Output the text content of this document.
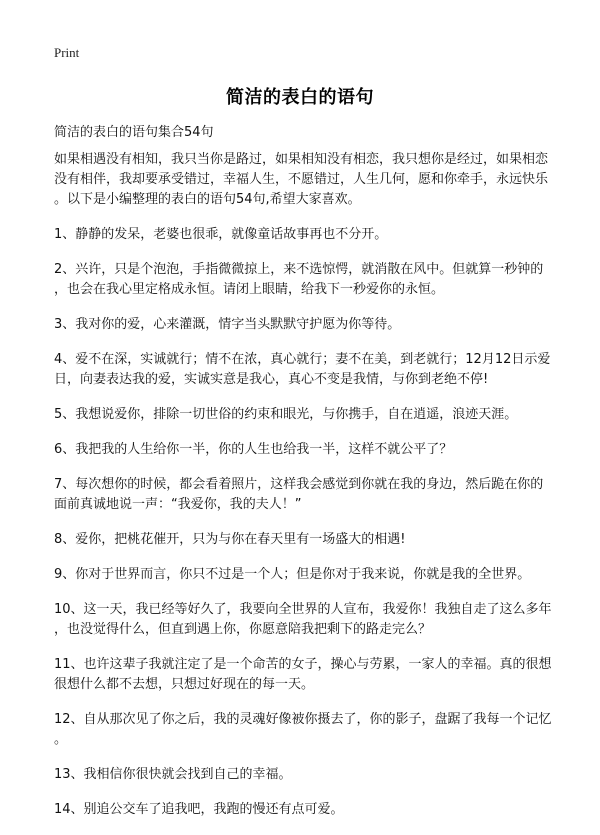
Print
简洁的表白的语句
简洁的表白的语句集合54句

如果相遇没有相知，我只当你是路过，如果相知没有相恋，我只想你是经过，如果相恋没有相伴，我却要承受错过，幸福人生，不愿错过，人生几何，愿和你牵手，永远快乐。以下是小编整理的表白的语句54句,希望大家喜欢。

1、静静的发呆，老婆也很乖，就像童话故事再也不分开。

2、兴许，只是个泡泡，手指微微掠上，来不选惊愕，就消散在风中。但就算一秒钟的，也会在我心里定格成永恒。请闭上眼睛，给我下一秒爱你的永恒。

3、我对你的爱，心来灌溉，情字当头默默守护愿为你等待。

4、爱不在深，实诚就行；情不在浓，真心就行；妻不在美，到老就行；12月12日示爱日，向妻表达我的爱，实诚实意是我心，真心不变是我情，与你到老绝不停!

5、我想说爱你，排除一切世俗的约束和眼光，与你携手，自在逍遥，浪迹天涯。

6、我把我的人生给你一半，你的人生也给我一半，这样不就公平了？

7、每次想你的时候，都会看着照片，这样我会感觉到你就在我的身边，然后跪在你的面前真诚地说一声：“我爱你，我的夫人！”

8、爱你，把桃花催开，只为与你在春天里有一场盛大的相遇!

9、你对于世界而言，你只不过是一个人；但是你对于我来说，你就是我的全世界。

10、这一天，我已经等好久了，我要向全世界的人宣布，我爱你！我独自走了这么多年，也没觉得什么，但直到遇上你，你愿意陪我把剩下的路走完么？

11、也许这辈子我就注定了是一个命苦的女子，操心与劳累，一家人的幸福。真的很想很想什么都不去想，只想过好现在的每一天。

12、自从那次见了你之后，我的灵魂好像被你摄去了，你的影子，盘踞了我每一个记忆。

13、我相信你很快就会找到自己的幸福。

14、别追公交车了追我吧，我跑的慢还有点可爱。
